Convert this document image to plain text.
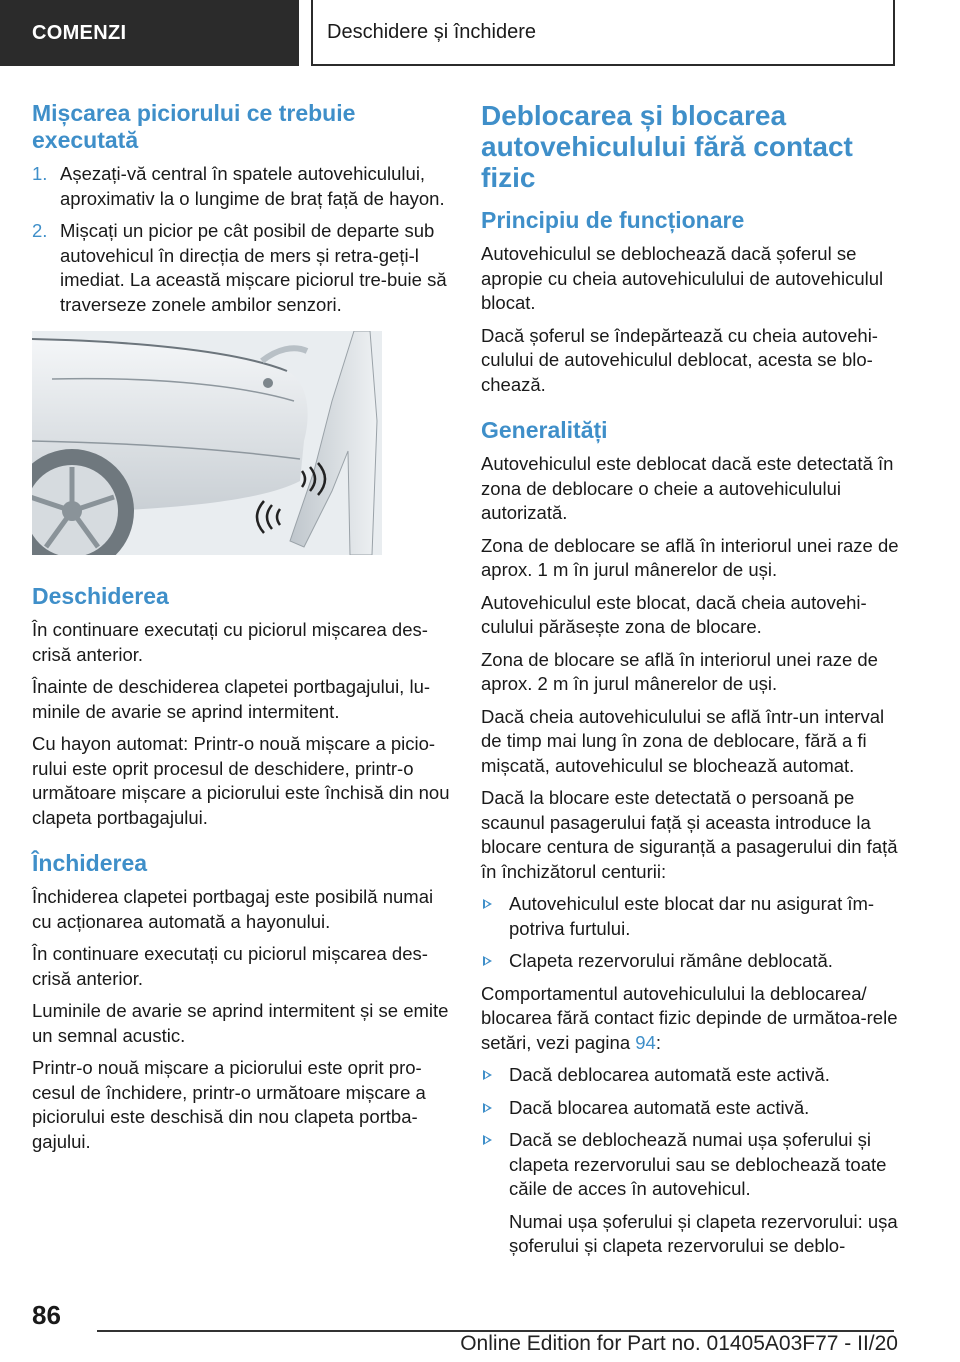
COMENZI	Deschidere și închidere
Mișcarea piciorului ce trebuie executată
1. Așezați-vă central în spatele autovehiculului, aproximativ la o lungime de braț față de hayon.
2. Mișcați un picior pe cât posibil de departe sub autovehicul în direcția de mers și retra-geți-l imediat. La această mișcare piciorul tre-buie să traverseze zonele ambilor senzori.
Deschiderea

În continuare executați cu piciorul mișcarea des-crisă anterior.

Înainte de deschiderea clapetei portbagajului, lu-minile de avarie se aprind intermitent.

Cu hayon automat: Printr-o nouă mișcare a picio-rului este oprit procesul de deschidere, printr-o următoare mișcare a piciorului este închisă din nou clapeta portbagajului.

Închiderea

Închiderea clapetei portbagaj este posibilă numai cu acționarea automată a hayonului.

În continuare executați cu piciorul mișcarea des-crisă anterior.

Luminile de avarie se aprind intermitent și se emite un semnal acustic.

Printr-o nouă mișcare a piciorului este oprit pro-cesul de închidere, printr-o următoare mișcare a piciorului este deschisă din nou clapeta portba-gajului.

Deblocarea și blocarea autovehiculului fără contact fizic
Principiu de funcționare

Autovehiculul se deblochează dacă șoferul se apropie cu cheia autovehiculului de autovehiculul blocat.

Dacă șoferul se îndepărtează cu cheia autovehi-culului de autovehiculul deblocat, acesta se blo-chează.

Generalități

Autovehiculul este deblocat dacă este detectată în zona de deblocare o cheie a autovehiculului autorizată.

Zona de deblocare se află în interiorul unei raze de aprox. 1 m în jurul mânerelor de uși.

Autovehiculul este blocat, dacă cheia autovehi-culului părăsește zona de blocare.

Zona de blocare se află în interiorul unei raze de aprox. 2 m în jurul mânerelor de uși.

Dacă cheia autovehiculului se află într-un interval de timp mai lung în zona de deblocare, fără a fi mișcată, autovehiculul se blochează automat.

Dacă la blocare este detectată o persoană pe scaunul pasagerului față și aceasta introduce la blocare centura de siguranță a pasagerului din față în închizătorul centurii:

Autovehiculul este blocat dar nu asigurat îm-potriva furtului.
Clapeta rezervorului rămâne deblocată.

Comportamentul autovehiculului la deblocarea/ blocarea fără contact fizic depinde de următoa-rele setări, vezi pagina 94:

Dacă deblocarea automată este activă.
Dacă blocarea automată este activă.
Dacă se deblochează numai ușa șoferului și clapeta rezervorului sau se deblochează toate căile de acces în autovehicul.

Numai ușa șoferului și clapeta rezervorului: ușa șoferului și clapeta rezervorului se deblo-

86
Online Edition for Part no. 01405A03F77 - II/20
